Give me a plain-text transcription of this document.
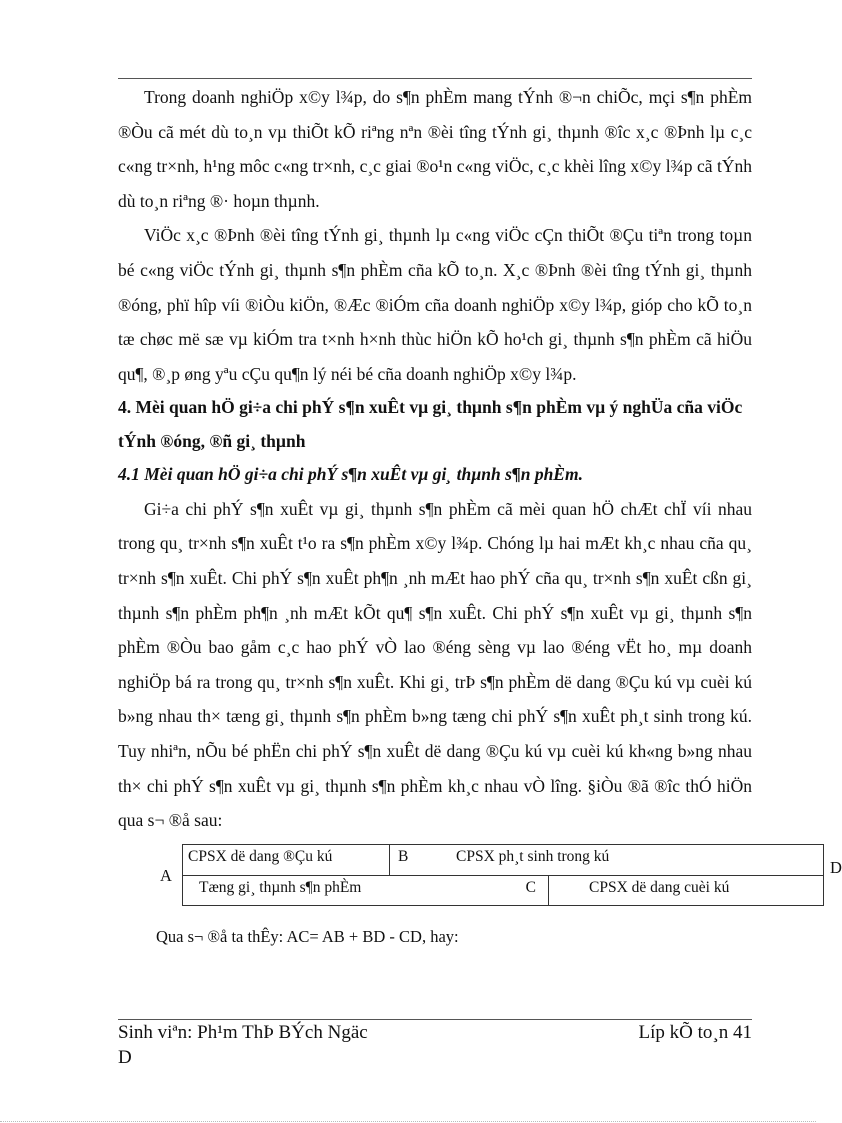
Trong doanh nghiÖp x©y l¾p, do s¶n phÈm mang tÝnh ®¬n chiÕc, mçi s¶n phÈm ®Òu cã mét dù to¸n vµ thiÕt kÕ riªng nªn ®èi tîng tÝnh gi¸ thµnh ®îc x¸c ®Þnh lµ c¸c c«ng tr×nh, h¹ng môc c«ng tr×nh, c¸c giai ®o¹n c«ng viÖc, c¸c khèi lîng x©y l¾p cã tÝnh dù to¸n riªng ®· hoµn thµnh.

ViÖc x¸c ®Þnh ®èi tîng tÝnh gi¸ thµnh lµ c«ng viÖc cÇn thiÕt ®Çu tiªn trong toµn bé c«ng viÖc tÝnh gi¸ thµnh s¶n phÈm cña kÕ to¸n. X¸c ®Þnh ®èi tîng tÝnh gi¸ thµnh ®óng, phï hîp víi ®iÒu kiÖn, ®Æc ®iÓm cña doanh nghiÖp x©y l¾p, gióp cho kÕ to¸n tæ chøc më sæ vµ kiÓm tra t×nh h×nh thùc hiÖn kÕ ho¹ch gi¸ thµnh s¶n phÈm cã hiÖu qu¶, ®¸p øng yªu cÇu qu¶n lý néi bé cña doanh nghiÖp x©y l¾p.

4. Mèi quan hÖ gi÷a chi phÝ s¶n xuÊt vµ gi¸ thµnh s¶n phÈm vµ ý nghÜa cña viÖc tÝnh ®óng, ®ñ gi¸ thµnh

4.1 Mèi quan hÖ gi÷a chi phÝ s¶n xuÊt vµ gi¸ thµnh s¶n phÈm.

Gi÷a chi phÝ s¶n xuÊt vµ gi¸ thµnh s¶n phÈm cã mèi quan hÖ chÆt chÏ víi nhau trong qu¸ tr×nh s¶n xuÊt t¹o ra s¶n phÈm x©y l¾p. Chóng lµ hai mÆt kh¸c nhau cña qu¸ tr×nh s¶n xuÊt. Chi phÝ s¶n xuÊt ph¶n ¸nh mÆt hao phÝ cña qu¸ tr×nh s¶n xuÊt cßn gi¸ thµnh s¶n phÈm ph¶n ¸nh mÆt kÕt qu¶ s¶n xuÊt. Chi phÝ s¶n xuÊt vµ gi¸ thµnh s¶n phÈm ®Òu bao gåm c¸c hao phÝ vÒ lao ®éng sèng vµ lao ®éng vËt ho¸ mµ doanh nghiÖp bá ra trong qu¸ tr×nh s¶n xuÊt. Khi gi¸ trÞ s¶n phÈm dë dang ®Çu kú vµ cuèi kú b»ng nhau th× tæng gi¸ thµnh s¶n phÈm b»ng tæng chi phÝ s¶n xuÊt ph¸t sinh trong kú. Tuy nhiªn, nÕu bé phËn chi phÝ s¶n xuÊt dë dang ®Çu kú vµ cuèi kú kh«ng b»ng nhau th× chi phÝ s¶n xuÊt vµ gi¸ thµnh s¶n phÈm kh¸c nhau vÒ lîng. §iÒu ®ã ®îc thÓ hiÖn qua s¬ ®å sau:

A
CPSX dë dang ®Çu kú	B	CPSX ph¸t sinh trong kú
Tæng gi¸ thµnh s¶n phÈm	C	CPSX dë dang cuèi kú
D

Qua s¬ ®å ta thÊy: AC= AB + BD - CD, hay:

Sinh viªn: Ph¹m ThÞ BÝch Ngäc	Líp kÕ to¸n 41
D
